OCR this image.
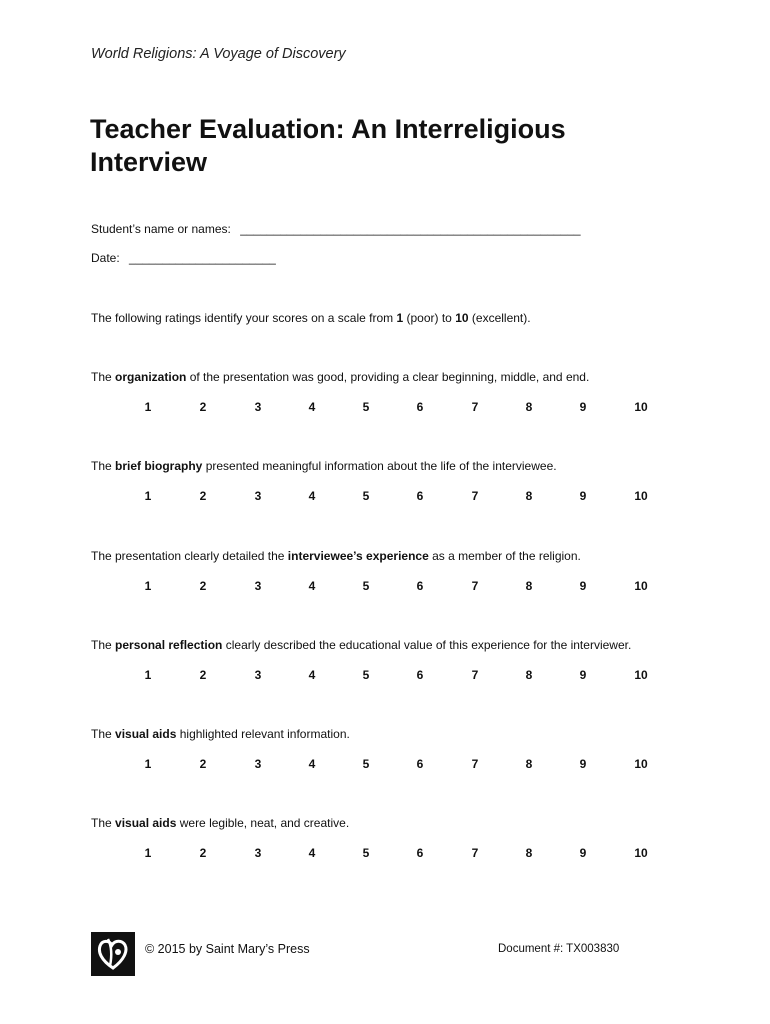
World Religions: A Voyage of Discovery
Teacher Evaluation: An Interreligious Interview
Student’s name or names: ___________________________________________________
Date: ______________________
The following ratings identify your scores on a scale from 1 (poor) to 10 (excellent).
The organization of the presentation was good, providing a clear beginning, middle, and end.
1	2	3	4	5	6	7	8	9	10
The brief biography presented meaningful information about the life of the interviewee.
1	2	3	4	5	6	7	8	9	10
The presentation clearly detailed the interviewee’s experience as a member of the religion.
1	2	3	4	5	6	7	8	9	10
The personal reflection clearly described the educational value of this experience for the interviewer.
1	2	3	4	5	6	7	8	9	10
The visual aids highlighted relevant information.
1	2	3	4	5	6	7	8	9	10
The visual aids were legible, neat, and creative.
1	2	3	4	5	6	7	8	9	10
© 2015 by Saint Mary’s Press	Document #: TX003830
